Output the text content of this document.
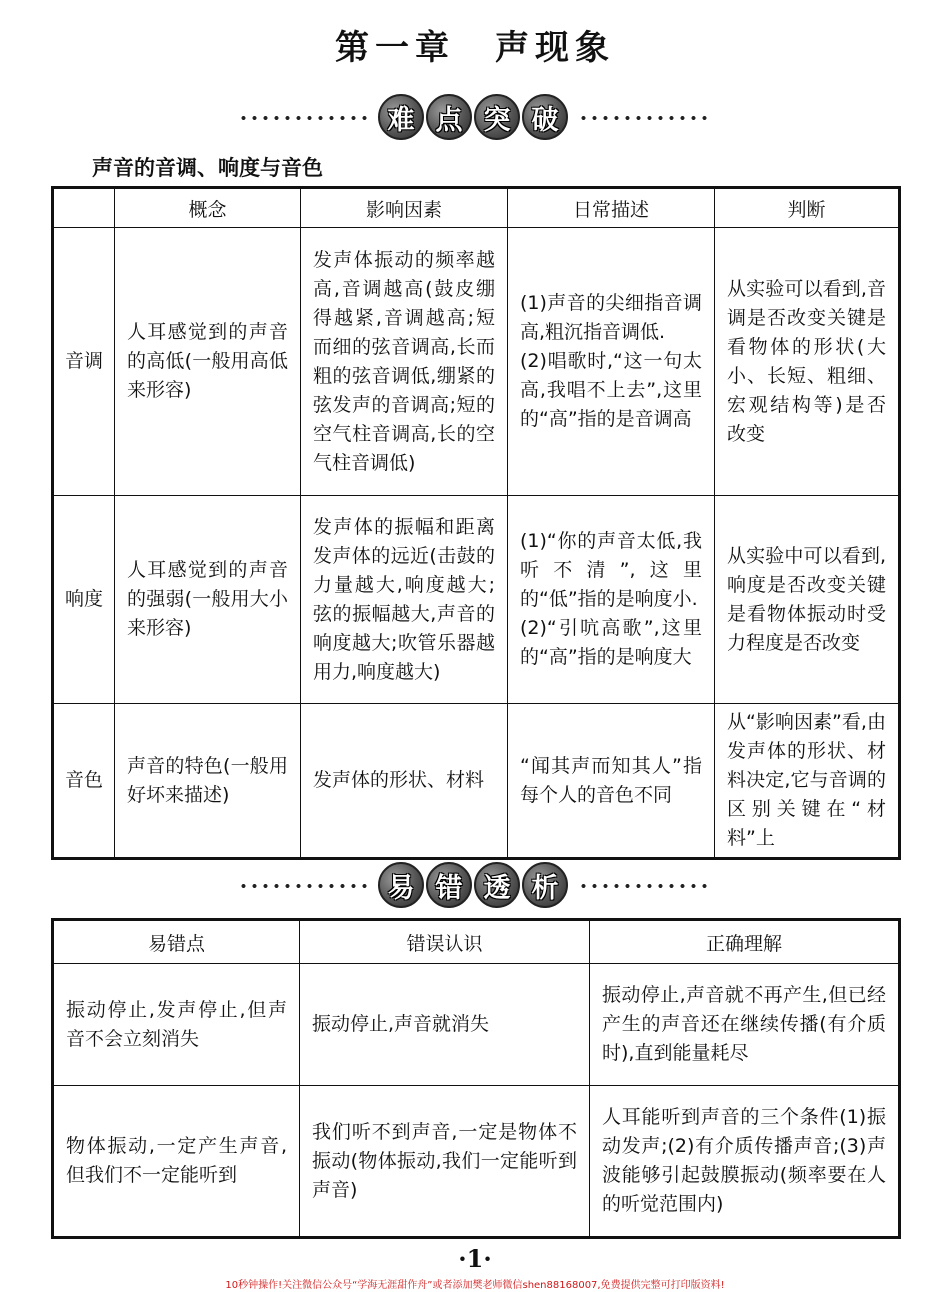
第一章　声现象
难 点 突 破
声音的音调、响度与音色
	概念	影响因素	日常描述	判断
音调	人耳感觉到的声音的高低(一般用高低来形容)	发声体振动的频率越高,音调越高(鼓皮绷得越紧,音调越高;短而细的弦音调高,长而粗的弦音调低,绷紧的弦发声的音调高;短的空气柱音调高,长的空气柱音调低)	(1)声音的尖细指音调高,粗沉指音调低.
(2)唱歌时,“这一句太高,我唱不上去”,这里的“高”指的是音调高	从实验可以看到,音调是否改变关键是看物体的形状(大小、长短、粗细、宏观结构等)是否改变
响度	人耳感觉到的声音的强弱(一般用大小来形容)	发声体的振幅和距离发声体的远近(击鼓的力量越大,响度越大;弦的振幅越大,声音的响度越大;吹管乐器越用力,响度越大)	(1)“你的声音太低,我听不清”,这里的“低”指的是响度小.
(2)“引吭高歌”,这里的“高”指的是响度大	从实验中可以看到,响度是否改变关键是看物体振动时受力程度是否改变
音色	声音的特色(一般用好坏来描述)	发声体的形状、材料	“闻其声而知其人”指每个人的音色不同	从“影响因素”看,由发声体的形状、材料决定,它与音调的区别关键在“材料”上
易 错 透 析
易错点	错误认识	正确理解
振动停止,发声停止,但声音不会立刻消失	振动停止,声音就消失	振动停止,声音就不再产生,但已经产生的声音还在继续传播(有介质时),直到能量耗尽
物体振动,一定产生声音,但我们不一定能听到	我们听不到声音,一定是物体不振动(物体振动,我们一定能听到声音)	人耳能听到声音的三个条件(1)振动发声;(2)有介质传播声音;(3)声波能够引起鼓膜振动(频率要在人的听觉范围内)
·1·
10秒钟操作!关注微信公众号“学海无涯甜作舟”或者添加樊老师微信shen88168007,免费提供完整可打印版资料!
